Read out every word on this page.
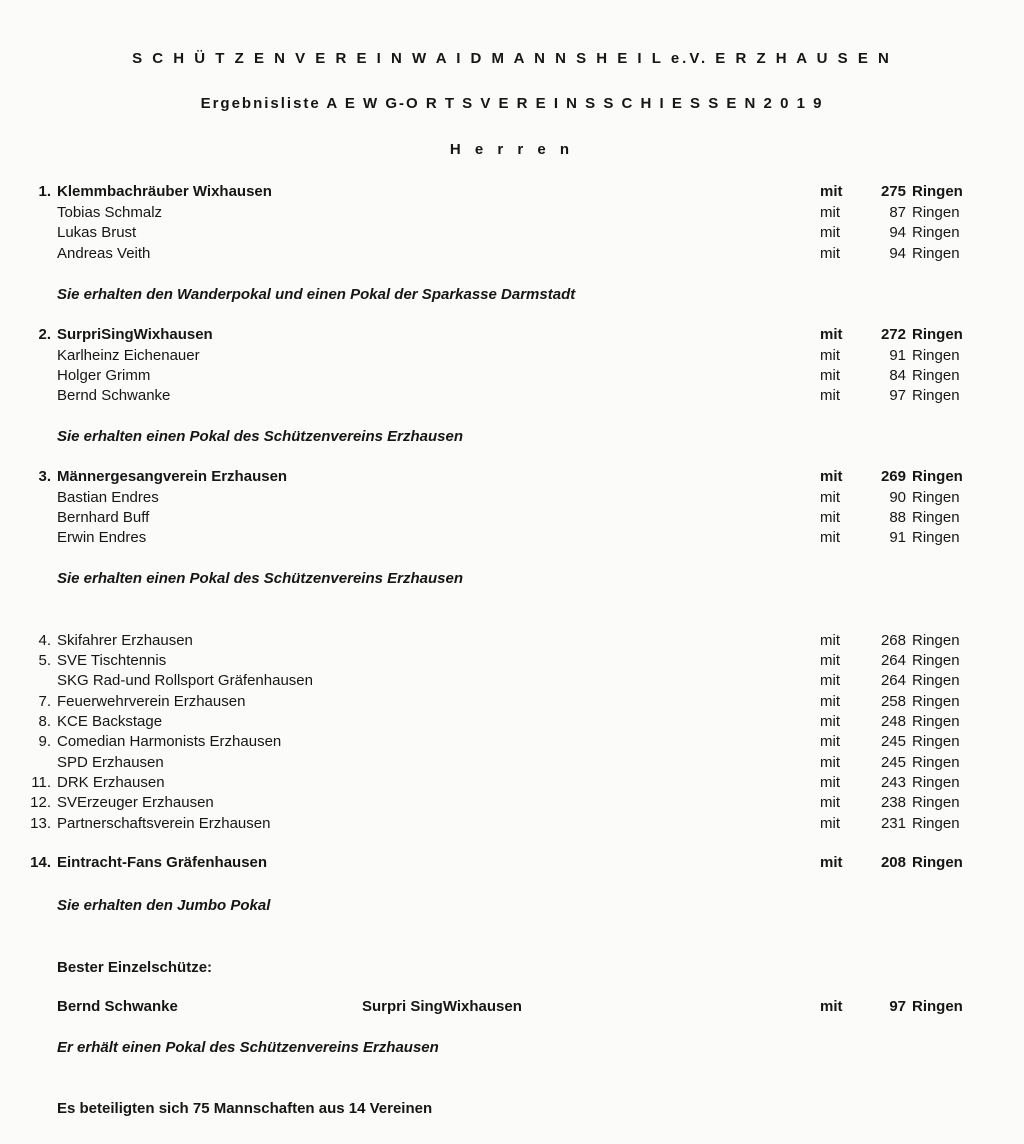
S C H Ü T Z E N V E R E I N W A I D M A N N S H E I L e.V. E R Z H A U S E N
Ergebnisliste A E W G-O R T S V E R E I N S S C H I E S S E N 2 0 1 9
H e r r e n
1. Klemmbachräuber Wixhausen	mit	275 Ringen
Tobias Schmalz	mit	87 Ringen
Lukas Brust	mit	94 Ringen
Andreas Veith	mit	94 Ringen
Sie erhalten den Wanderpokal und einen Pokal der Sparkasse Darmstadt
2. SurpriSingWixhausen	mit	272 Ringen
Karlheinz Eichenauer	mit	91 Ringen
Holger Grimm	mit	84 Ringen
Bernd Schwanke	mit	97 Ringen
Sie erhalten einen Pokal des Schützenvereins Erzhausen
3. Männergesangverein Erzhausen	mit	269 Ringen
Bastian Endres	mit	90 Ringen
Bernhard Buff	mit	88 Ringen
Erwin Endres	mit	91 Ringen
Sie erhalten einen Pokal des Schützenvereins Erzhausen
4. Skifahrer Erzhausen	mit	268 Ringen
5. SVE Tischtennis	mit	264 Ringen
SKG Rad-und Rollsport Gräfenhausen	mit	264 Ringen
7. Feuerwehrverein Erzhausen	mit	258 Ringen
8. KCE Backstage	mit	248 Ringen
9. Comedian Harmonists Erzhausen	mit	245 Ringen
SPD Erzhausen	mit	245 Ringen
11. DRK Erzhausen	mit	243 Ringen
12. SVErzeuger Erzhausen	mit	238 Ringen
13. Partnerschaftsverein Erzhausen	mit	231 Ringen
14. Eintracht-Fans Gräfenhausen	mit	208 Ringen
Sie erhalten den Jumbo Pokal
Bester Einzelschütze:
Bernd Schwanke	Surpri SingWixhausen	mit	97 Ringen
Er erhält einen Pokal des Schützenvereins Erzhausen
Es beteiligten sich 75 Mannschaften aus 14 Vereinen
